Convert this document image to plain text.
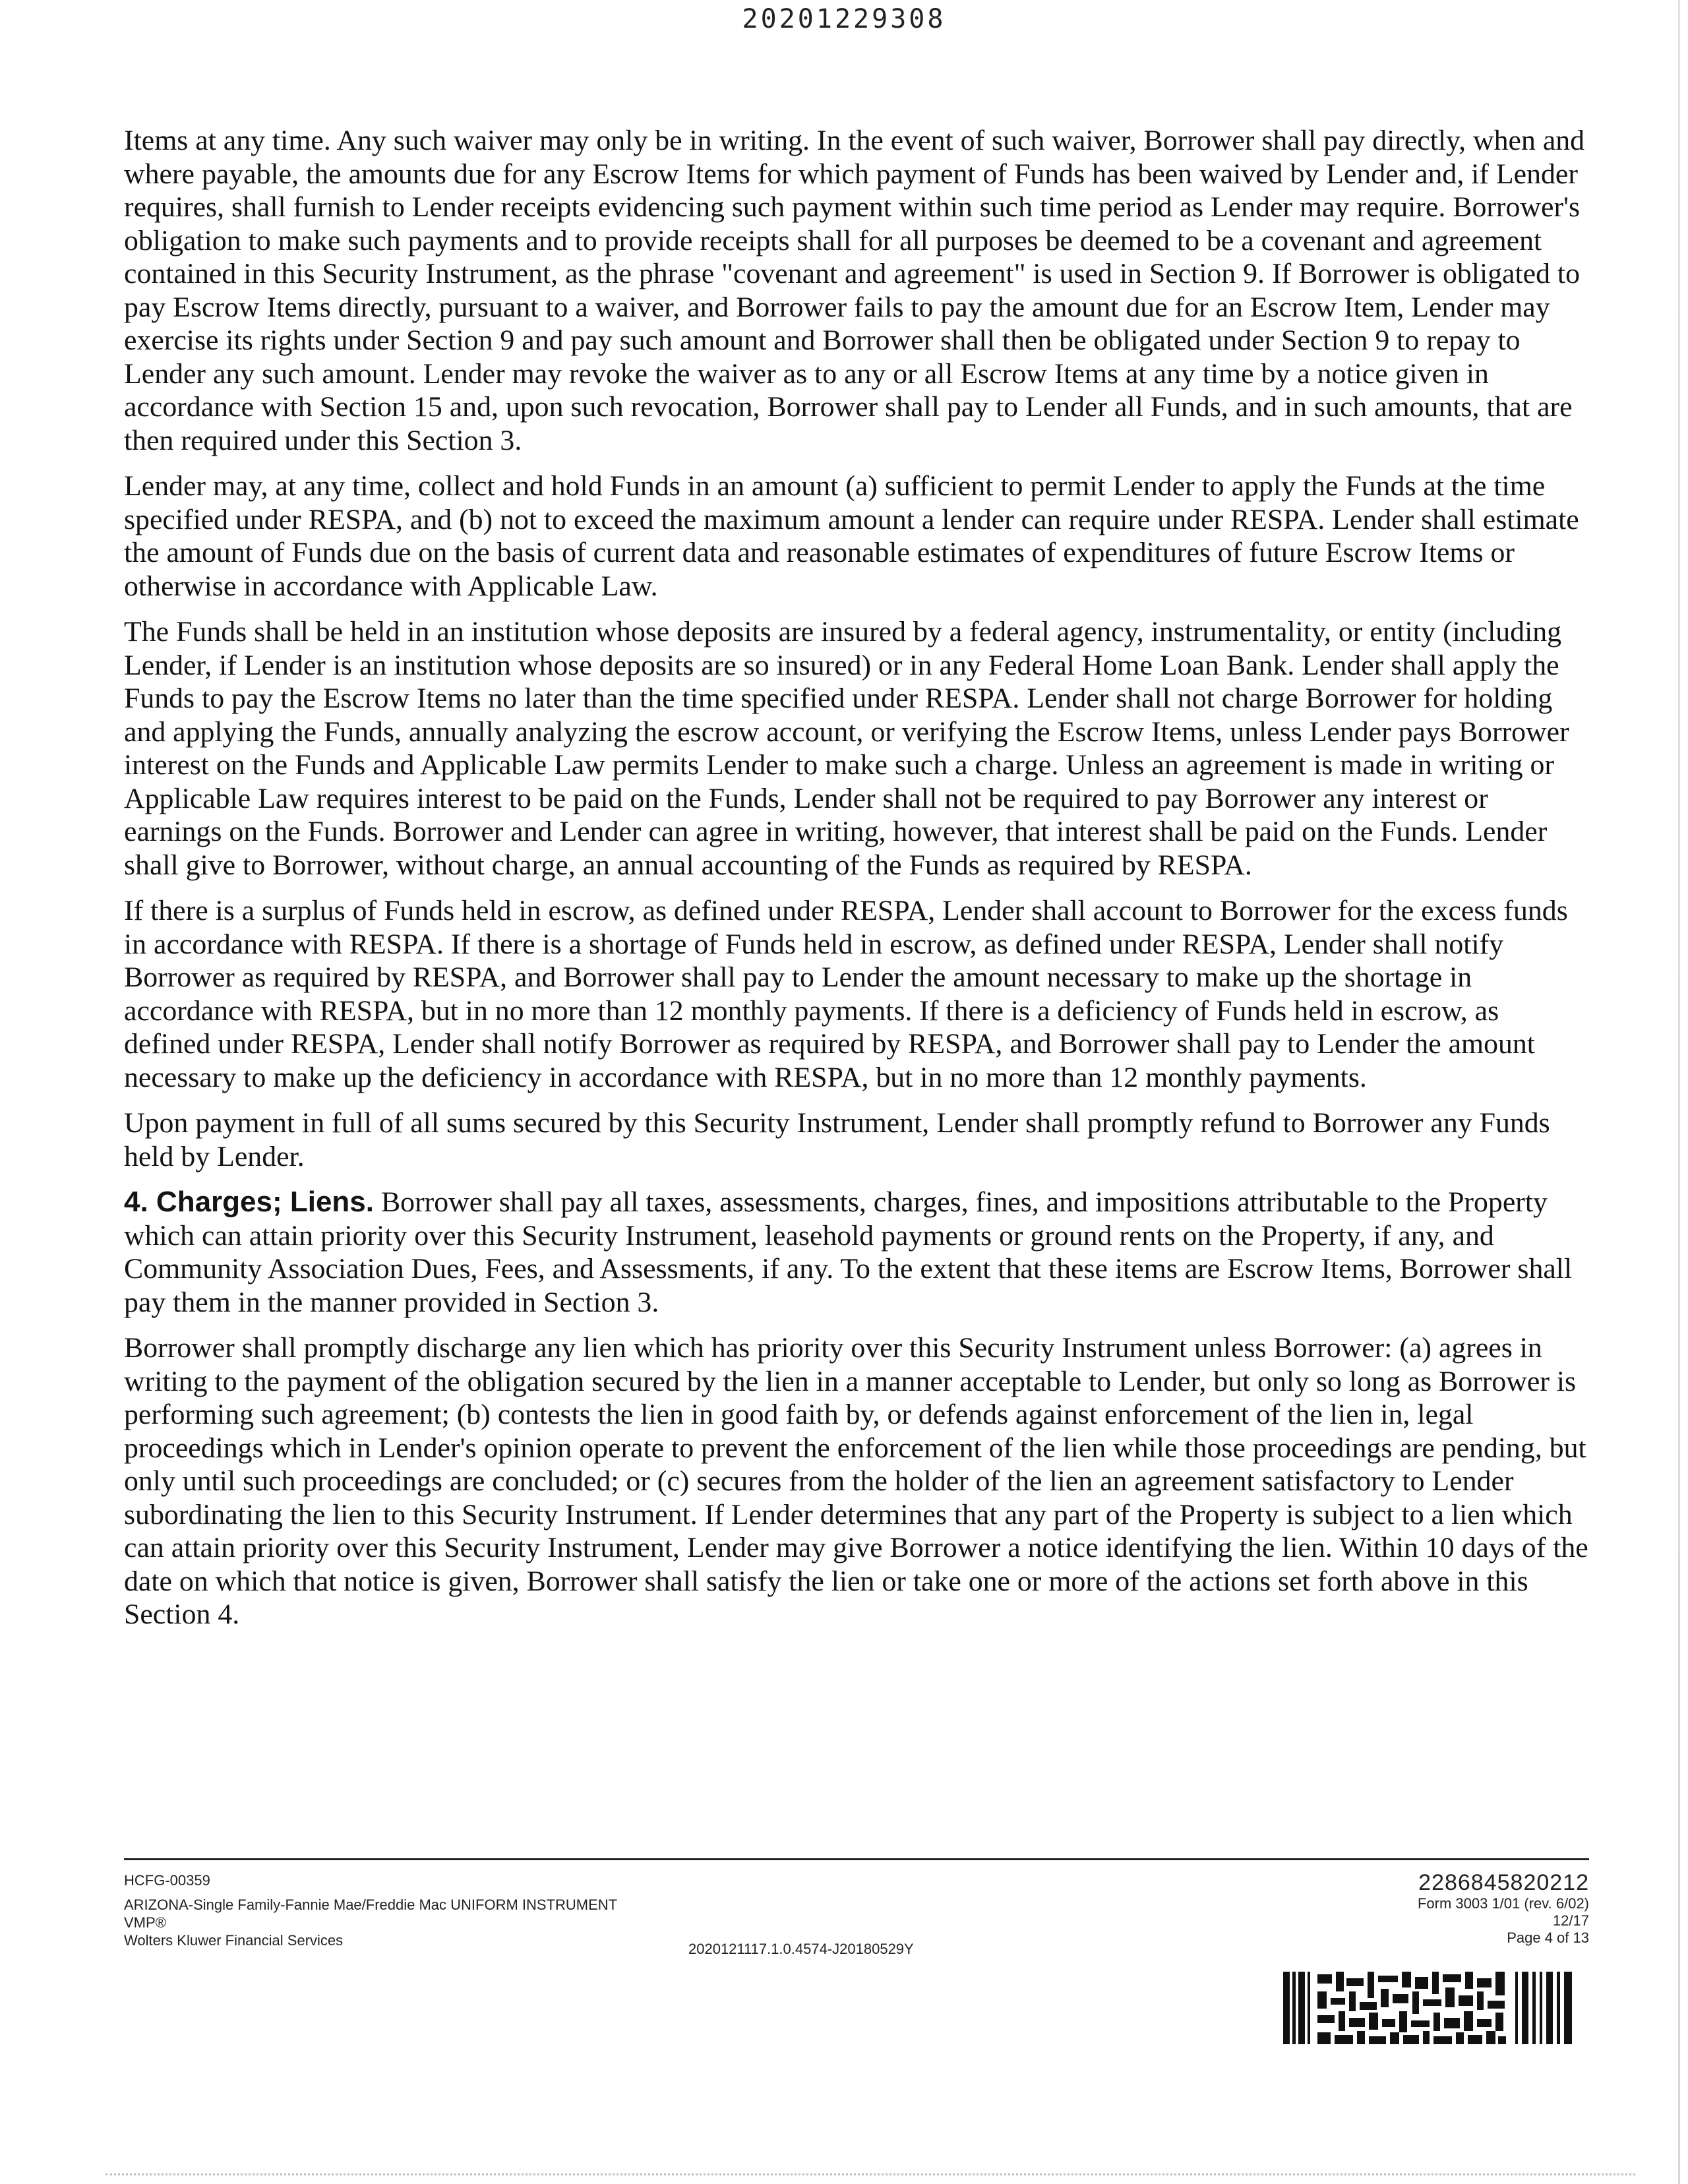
20201229308

Items at any time. Any such waiver may only be in writing. In the event of such waiver, Borrower shall pay directly, when and where payable, the amounts due for any Escrow Items for which payment of Funds has been waived by Lender and, if Lender requires, shall furnish to Lender receipts evidencing such payment within such time period as Lender may require. Borrower's obligation to make such payments and to provide receipts shall for all purposes be deemed to be a covenant and agreement contained in this Security Instrument, as the phrase "covenant and agreement" is used in Section 9. If Borrower is obligated to pay Escrow Items directly, pursuant to a waiver, and Borrower fails to pay the amount due for an Escrow Item, Lender may exercise its rights under Section 9 and pay such amount and Borrower shall then be obligated under Section 9 to repay to Lender any such amount. Lender may revoke the waiver as to any or all Escrow Items at any time by a notice given in accordance with Section 15 and, upon such revocation, Borrower shall pay to Lender all Funds, and in such amounts, that are then required under this Section 3.

Lender may, at any time, collect and hold Funds in an amount (a) sufficient to permit Lender to apply the Funds at the time specified under RESPA, and (b) not to exceed the maximum amount a lender can require under RESPA. Lender shall estimate the amount of Funds due on the basis of current data and reasonable estimates of expenditures of future Escrow Items or otherwise in accordance with Applicable Law.

The Funds shall be held in an institution whose deposits are insured by a federal agency, instrumentality, or entity (including Lender, if Lender is an institution whose deposits are so insured) or in any Federal Home Loan Bank. Lender shall apply the Funds to pay the Escrow Items no later than the time specified under RESPA. Lender shall not charge Borrower for holding and applying the Funds, annually analyzing the escrow account, or verifying the Escrow Items, unless Lender pays Borrower interest on the Funds and Applicable Law permits Lender to make such a charge. Unless an agreement is made in writing or Applicable Law requires interest to be paid on the Funds, Lender shall not be required to pay Borrower any interest or earnings on the Funds. Borrower and Lender can agree in writing, however, that interest shall be paid on the Funds. Lender shall give to Borrower, without charge, an annual accounting of the Funds as required by RESPA.

If there is a surplus of Funds held in escrow, as defined under RESPA, Lender shall account to Borrower for the excess funds in accordance with RESPA. If there is a shortage of Funds held in escrow, as defined under RESPA, Lender shall notify Borrower as required by RESPA, and Borrower shall pay to Lender the amount necessary to make up the shortage in accordance with RESPA, but in no more than 12 monthly payments. If there is a deficiency of Funds held in escrow, as defined under RESPA, Lender shall notify Borrower as required by RESPA, and Borrower shall pay to Lender the amount necessary to make up the deficiency in accordance with RESPA, but in no more than 12 monthly payments.

Upon payment in full of all sums secured by this Security Instrument, Lender shall promptly refund to Borrower any Funds held by Lender.

4. Charges; Liens. Borrower shall pay all taxes, assessments, charges, fines, and impositions attributable to the Property which can attain priority over this Security Instrument, leasehold payments or ground rents on the Property, if any, and Community Association Dues, Fees, and Assessments, if any. To the extent that these items are Escrow Items, Borrower shall pay them in the manner provided in Section 3.

Borrower shall promptly discharge any lien which has priority over this Security Instrument unless Borrower: (a) agrees in writing to the payment of the obligation secured by the lien in a manner acceptable to Lender, but only so long as Borrower is performing such agreement; (b) contests the lien in good faith by, or defends against enforcement of the lien in, legal proceedings which in Lender's opinion operate to prevent the enforcement of the lien while those proceedings are pending, but only until such proceedings are concluded; or (c) secures from the holder of the lien an agreement satisfactory to Lender subordinating the lien to this Security Instrument. If Lender determines that any part of the Property is subject to a lien which can attain priority over this Security Instrument, Lender may give Borrower a notice identifying the lien. Within 10 days of the date on which that notice is given, Borrower shall satisfy the lien or take one or more of the actions set forth above in this Section 4.

HCFG-00359
ARIZONA-Single Family-Fannie Mae/Freddie Mac UNIFORM INSTRUMENT
VMP®
Wolters Kluwer Financial Services
2020121117.1.0.4574-J20180529Y
2286845820212
Form 3003 1/01 (rev. 6/02)
12/17
Page 4 of 13
